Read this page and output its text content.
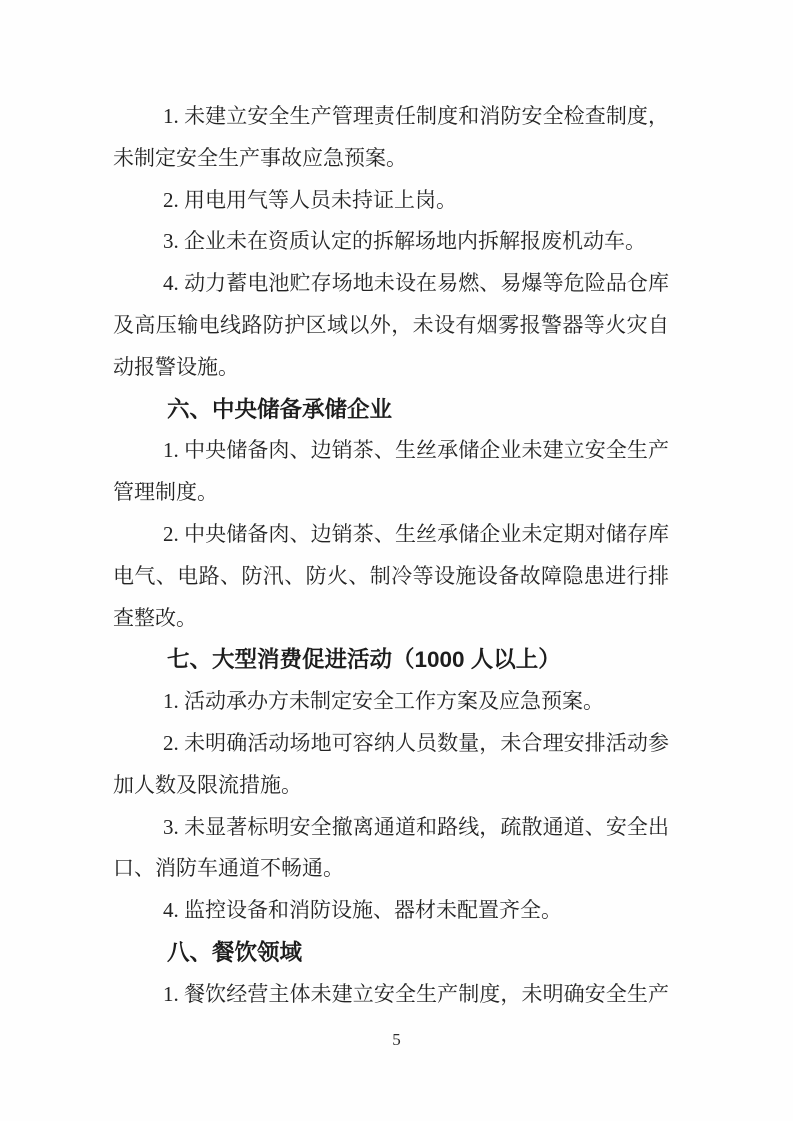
1. 未建立安全生产管理责任制度和消防安全检查制度，
未制定安全生产事故应急预案。
2. 用电用气等人员未持证上岗。
3. 企业未在资质认定的拆解场地内拆解报废机动车。
4. 动力蓄电池贮存场地未设在易燃、易爆等危险品仓库
及高压输电线路防护区域以外，未设有烟雾报警器等火灾自
动报警设施。
六、中央储备承储企业
1. 中央储备肉、边销茶、生丝承储企业未建立安全生产
管理制度。
2. 中央储备肉、边销茶、生丝承储企业未定期对储存库
电气、电路、防汛、防火、制冷等设施设备故障隐患进行排
查整改。
七、大型消费促进活动（1000 人以上）
1. 活动承办方未制定安全工作方案及应急预案。
2. 未明确活动场地可容纳人员数量，未合理安排活动参
加人数及限流措施。
3. 未显著标明安全撤离通道和路线，疏散通道、安全出
口、消防车通道不畅通。
4. 监控设备和消防设施、器材未配置齐全。
八、餐饮领域
1. 餐饮经营主体未建立安全生产制度，未明确安全生产
5
